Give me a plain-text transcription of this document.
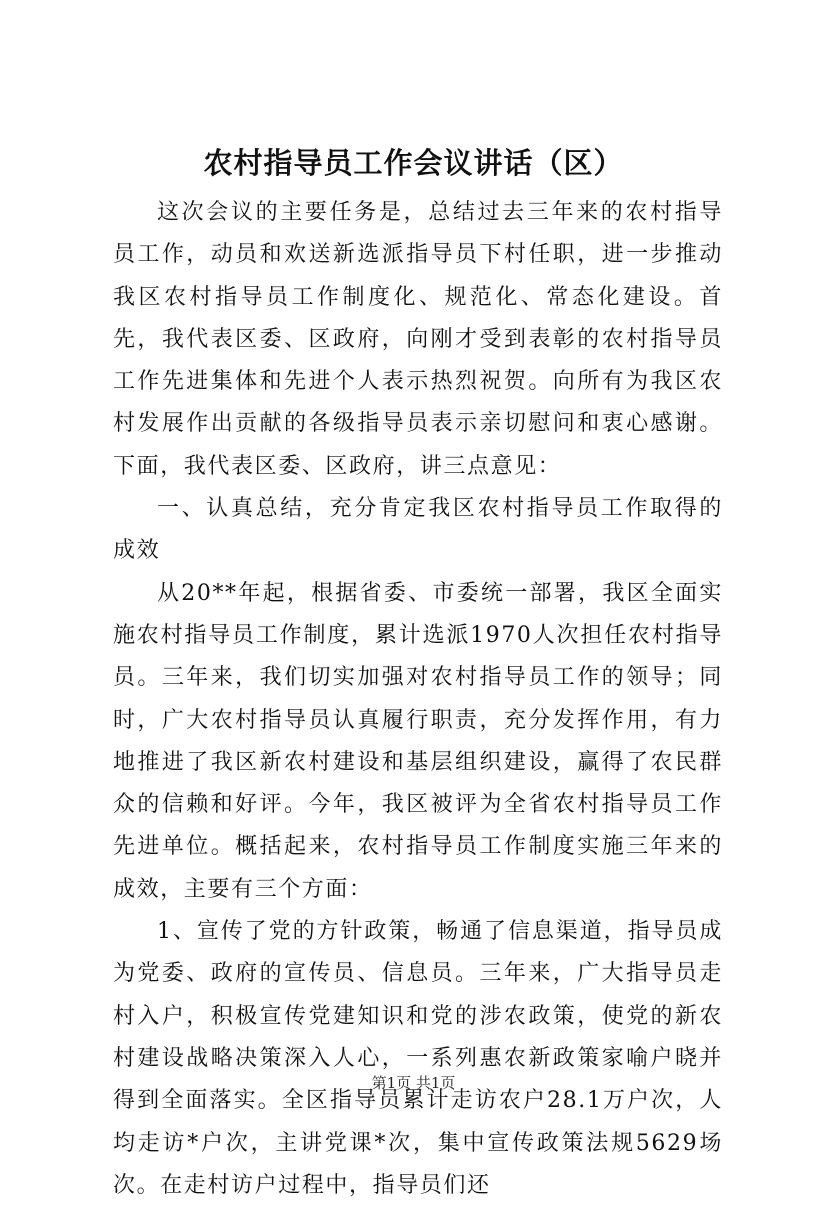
农村指导员工作会议讲话（区）

这次会议的主要任务是，总结过去三年来的农村指导员工作，动员和欢送新选派指导员下村任职，进一步推动我区农村指导员工作制度化、规范化、常态化建设。首先，我代表区委、区政府，向刚才受到表彰的农村指导员工作先进集体和先进个人表示热烈祝贺。向所有为我区农村发展作出贡献的各级指导员表示亲切慰问和衷心感谢。下面，我代表区委、区政府，讲三点意见：

一、认真总结，充分肯定我区农村指导员工作取得的成效

从20**年起，根据省委、市委统一部署，我区全面实施农村指导员工作制度，累计选派1970人次担任农村指导员。三年来，我们切实加强对农村指导员工作的领导；同时，广大农村指导员认真履行职责，充分发挥作用，有力地推进了我区新农村建设和基层组织建设，赢得了农民群众的信赖和好评。今年，我区被评为全省农村指导员工作先进单位。概括起来，农村指导员工作制度实施三年来的成效，主要有三个方面：

1、宣传了党的方针政策，畅通了信息渠道，指导员成为党委、政府的宣传员、信息员。三年来，广大指导员走村入户，积极宣传党建知识和党的涉农政策，使党的新农村建设战略决策深入人心，一系列惠农新政策家喻户晓并得到全面落实。全区指导员累计走访农户28.1万户次，人均走访*户次，主讲党课*次，集中宣传政策法规5629场次。在走村访户过程中，指导员们还

第1页 共1页
